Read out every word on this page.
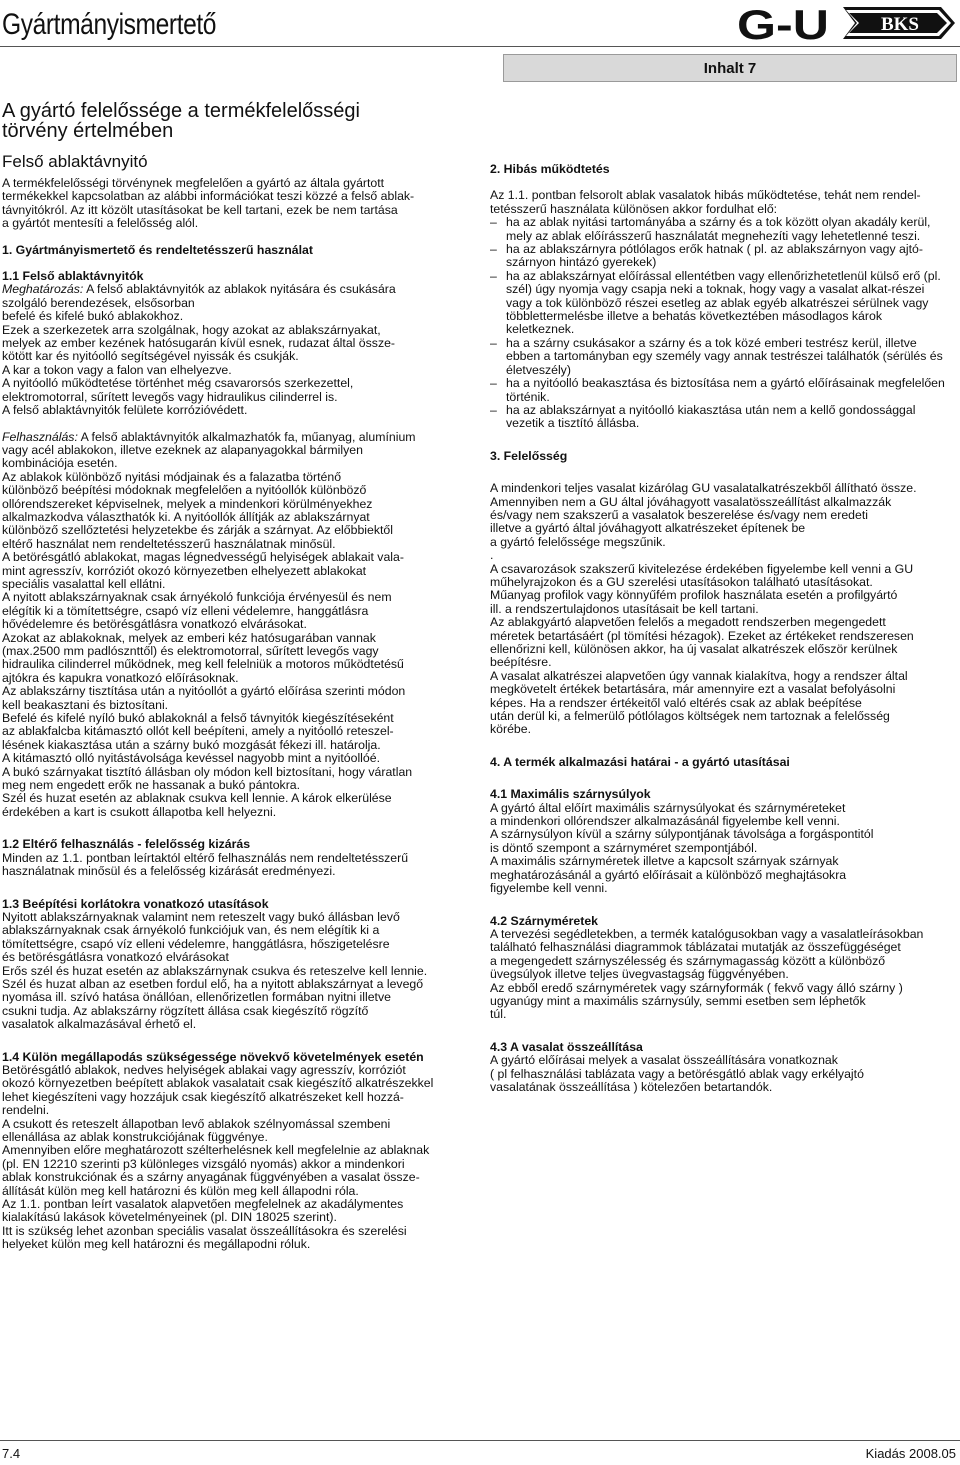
Gyártmányismertető	G-U	BKS
Inhalt 7
A gyártó felelőssége a termékfelelősségi
törvény értelmében
Felső ablaktávnyitó

A termékfelelősségi törvénynek megfelelően a gyártó az általa gyártott

termékekkel kapcsolatban az alábbi információkat teszi közzé a felső ablak-

távnyitókról. Az itt közölt utasításokat be kell tartani, ezek be nem tartása

a gyártót mentesíti a felelősség alól.

1. Gyártmányismertető és rendeltetésszerű használat
1.1 Felső ablaktávnyitók

Meghatározás: A felső ablaktávnyitók az ablakok nyitására és csukására

szolgáló berendezések, elsősorban

befelé és kifelé bukó ablakokhoz.

Ezek a szerkezetek arra szolgálnak, hogy azokat az ablakszárnyakat,

melyek az ember kezének hatósugarán kívül esnek, rudazat által össze-

kötött kar és nyitóolló segítségével nyissák és csukják.

A kar a tokon vagy a falon van elhelyezve.

A nyitóolló működtetése történhet még csavarorsós szerkezettel,

elektromotorral, sűrített levegős vagy hidraulikus cilinderrel is.

A felső ablaktávnyitók felülete korrózióvédett.

Felhasználás: A felső ablaktávnyitók alkalmazhatók fa, műanyag, alumínium

vagy acél ablakokon, illetve ezeknek az alapanyagokkal bármilyen

kombinációja esetén.

Az ablakok különböző nyitási módjainak és a falazatba történő

különböző beépítési módoknak megfelelően a nyitóollók különböző

ollórendszereket képviselnek, melyek a mindenkori körülményekhez

alkalmazkodva választhatók ki. A nyitóollók állítják az ablakszárnyat

különböző szellőztetési helyzetekbe és zárják a szárnyat. Az előbbiektől

eltérő használat nem rendeltetésszerű használatnak minősül.

A betörésgátló ablakokat, magas légnedvességű helyiségek ablakait vala-

mint agresszív, korróziót okozó környezetben elhelyezett ablakokat

speciális vasalattal kell ellátni.

A nyitott ablakszárnyaknak csak árnyékoló funkciója érvényesül és nem

elégítik ki a tömítettségre, csapó víz elleni védelemre, hanggátlásra

hővédelemre és betörésgátlásra vonatkozó elvárásokat.

Azokat az ablakoknak, melyek az emberi kéz hatósugarában vannak

(max.2500 mm padlósznttől) és elektromotorral, sűrített levegős vagy

hidraulika cilinderrel működnek, meg kell felelniük a motoros működtetésű

ajtókra és kapukra vonatkozó előírásoknak.

Az ablakszárny tisztítása után a nyitóollót a gyártó előírása szerinti módon

kell beakasztani és biztosítani.

Befelé és kifelé nyíló bukó ablakoknál a felső távnyitók kiegészítéseként

az ablakfalcba kitámasztó ollót kell beépíteni, amely a nyitóolló reteszel-

lésének kiakasztása után a szárny bukó mozgását fékezi ill. határolja.

A kitámasztó olló nyitástávolsága kevéssel nagyobb mint a nyitóollóé.

A bukó szárnyakat tisztító állásban oly módon kell biztosítani, hogy váratlan

meg nem engedett erők ne hassanak a bukó pántokra.

Szél és huzat esetén az ablaknak csukva kell lennie. A károk elkerülése

érdekében a kart is csukott állapotba kell helyezni.

1.2 Eltérő felhasználás - felelősség kizárás

Minden az 1.1. pontban leírtaktól eltérő felhasználás nem rendeltetésszerű

használatnak minősül és a felelősség kizárását eredményezi.

1.3 Beépítési korlátokra vonatkozó utasítások

Nyitott ablakszárnyaknak valamint nem reteszelt vagy bukó állásban levő

ablakszárnyaknak csak árnyékoló funkciójuk van, és nem elégítik ki a

tömítettségre, csapó víz elleni védelemre, hanggátlásra, hőszigetelésre

és betörésgátlásra vonatkozó elvárásokat

Erős szél és huzat esetén az ablakszárnynak csukva és reteszelve kell lennie.

Szél és huzat alban az esetben fordul elő, ha a nyitott ablakszárnyat a levegő

nyomása ill. szívó hatása önállóan, ellenőrizetlen formában nyitni illetve

csukni tudja. Az ablakszárny rögzített állása csak kiegészítő rögzítő

vasalatok alkalmazásával érhető el.

1.4 Külön megállapodás szükségessége növekvő követelmények esetén

Betörésgátló ablakok, nedves helyiségek ablakai vagy agresszív, korróziót

okozó környezetben beépített ablakok vasalatait csak kiegészítő alkatrészekkel

lehet kiegészíteni vagy hozzájuk csak kiegészítő alkatrészeket kell hozzá-

rendelni.

A csukott és reteszelt állapotban levő ablakok szélnyomással szembeni

ellenállása az ablak konstrukciójának függvénye.

Amennyiben előre meghatározott szélterhelésnek kell megfelelnie az ablaknak

(pl. EN 12210 szerinti p3 különleges vizsgáló nyomás) akkor a mindenkori

ablak konstrukciónak és a szárny anyagának függvényében a vasalat össze-

állítását külön meg kell határozni és külön meg kell állapodni róla.

Az 1.1. pontban leírt vasalatok alapvetően megfelelnek az akadálymentes

kialakítású lakások követelményeinek (pl. DIN 18025 szerint).

Itt is szükség lehet azonban speciális vasalat összeállításokra és szerelési

helyeket külön meg kell határozni és megállapodni róluk.

2. Hibás működtetés

Az 1.1. pontban felsorolt ablak vasalatok hibás működtetése, tehát nem rendel-

tetésszerű használata különösen akkor fordulhat elő:

– ha az ablak nyitási tartományába a szárny és a tok között olyan akadály kerül, mely az ablak előírásszerű használatát megnehezíti vagy lehetetlenné teszi.

– ha az ablakszárnyra pótlólagos erők hatnak ( pl. az ablakszárnyon vagy ajtó-szárnyon hintázó gyerekek)

– ha az ablakszárnyat előírással ellentétben vagy ellenőrizhetetlenül külső erő (pl. szél) úgy nyomja vagy csapja neki a toknak, hogy vagy a vasalat alkat-részei vagy a tok különböző részei esetleg az ablak egyéb alkatrészei sérülnek vagy többlettermelésbe illetve a behatás következtében másodlagos károk keletkeznek.

– ha a szárny csukásakor a szárny és a tok közé emberi testrész kerül, illetve ebben a tartományban egy személy vagy annak testrészei találhatók (sérülés és életveszély)

– ha a nyitóolló beakasztása és biztosítása nem a gyártó előírásainak megfelelően történik.

– ha az ablakszárnyat a nyitóolló kiakasztása után nem a kellő gondossággal vezetik a tisztító állásba.

3. Felelősség

A mindenkori teljes vasalat kizárólag GU vasalatalkatrészekből állítható össze.

Amennyiben nem a GU által jóváhagyott vasalatösszeállítást alkalmazzák

és/vagy nem szakszerű a vasalatok beszerelése és/vagy nem eredeti

illetve a gyártó által jóváhagyott alkatrészeket építenek be

a gyártó felelőssége megszűnik.

.

A csavarozások szakszerű kivitelezése érdekében figyelembe kell venni a GU

műhelyrajzokon és a GU szerelési utasításokon található utasításokat.

Műanyag profilok vagy könnyűfém profilok használata esetén a profilgyártó

ill. a rendszertulajdonos utasításait be kell tartani.

Az ablakgyártó alapvetően felelős a megadott rendszerben megengedett

méretek betartásáért (pl tömítési hézagok). Ezeket az értékeket rendszeresen

ellenőrizni kell, különösen akkor, ha új vasalat alkatrészek először kerülnek

beépítésre.

A vasalat alkatrészei alapvetően úgy vannak kialakítva, hogy a rendszer által

megkövetelt értékek betartására, már amennyire ezt a vasalat befolyásolni

képes. Ha a rendszer értékeitől való eltérés csak az ablak beépítése

után derül ki, a felmerülő pótlólagos költségek nem tartoznak a felelősség

körébe.

4. A termék alkalmazási határai - a gyártó utasításai
4.1 Maximális szárnysúlyok

A gyártó által előírt maximális szárnysúlyokat és szárnyméreteket

a mindenkori ollórendszer alkalmazásánál figyelembe kell venni.

A szárnysúlyon kívül a szárny súlypontjának távolsága a forgáspontitól

is döntő szempont a szárnyméret szempontjából.

A maximális szárnyméretek illetve a kapcsolt szárnyak szárnyak

meghatározásánál a gyártó előírásait a különböző meghajtásokra

figyelembe kell venni.

4.2 Szárnyméretek

A tervezési segédletekben, a termék katalógusokban vagy a vasalatleírásokban

található felhasználási diagrammok táblázatai mutatják az összefüggéséget

a megengedett szárnyszélesség és szárnymagasság között a különböző

üvegsúlyok illetve teljes üvegvastagság függvényében.

Az ebből eredő szárnyméretek vagy szárnyformák ( fekvő vagy álló szárny )

ugyanúgy mint a maximális szárnysúly, semmi esetben sem léphetők

túl.

4.3 A vasalat összeállítása

A gyártó előírásai melyek a vasalat összeállítására vonatkoznak

( pl felhasználási tablázata vagy a betörésgátló ablak vagy erkélyajtó

vasalatának összeállítása ) kötelezően betartandók.

7.4	Kiadás 2008.05
